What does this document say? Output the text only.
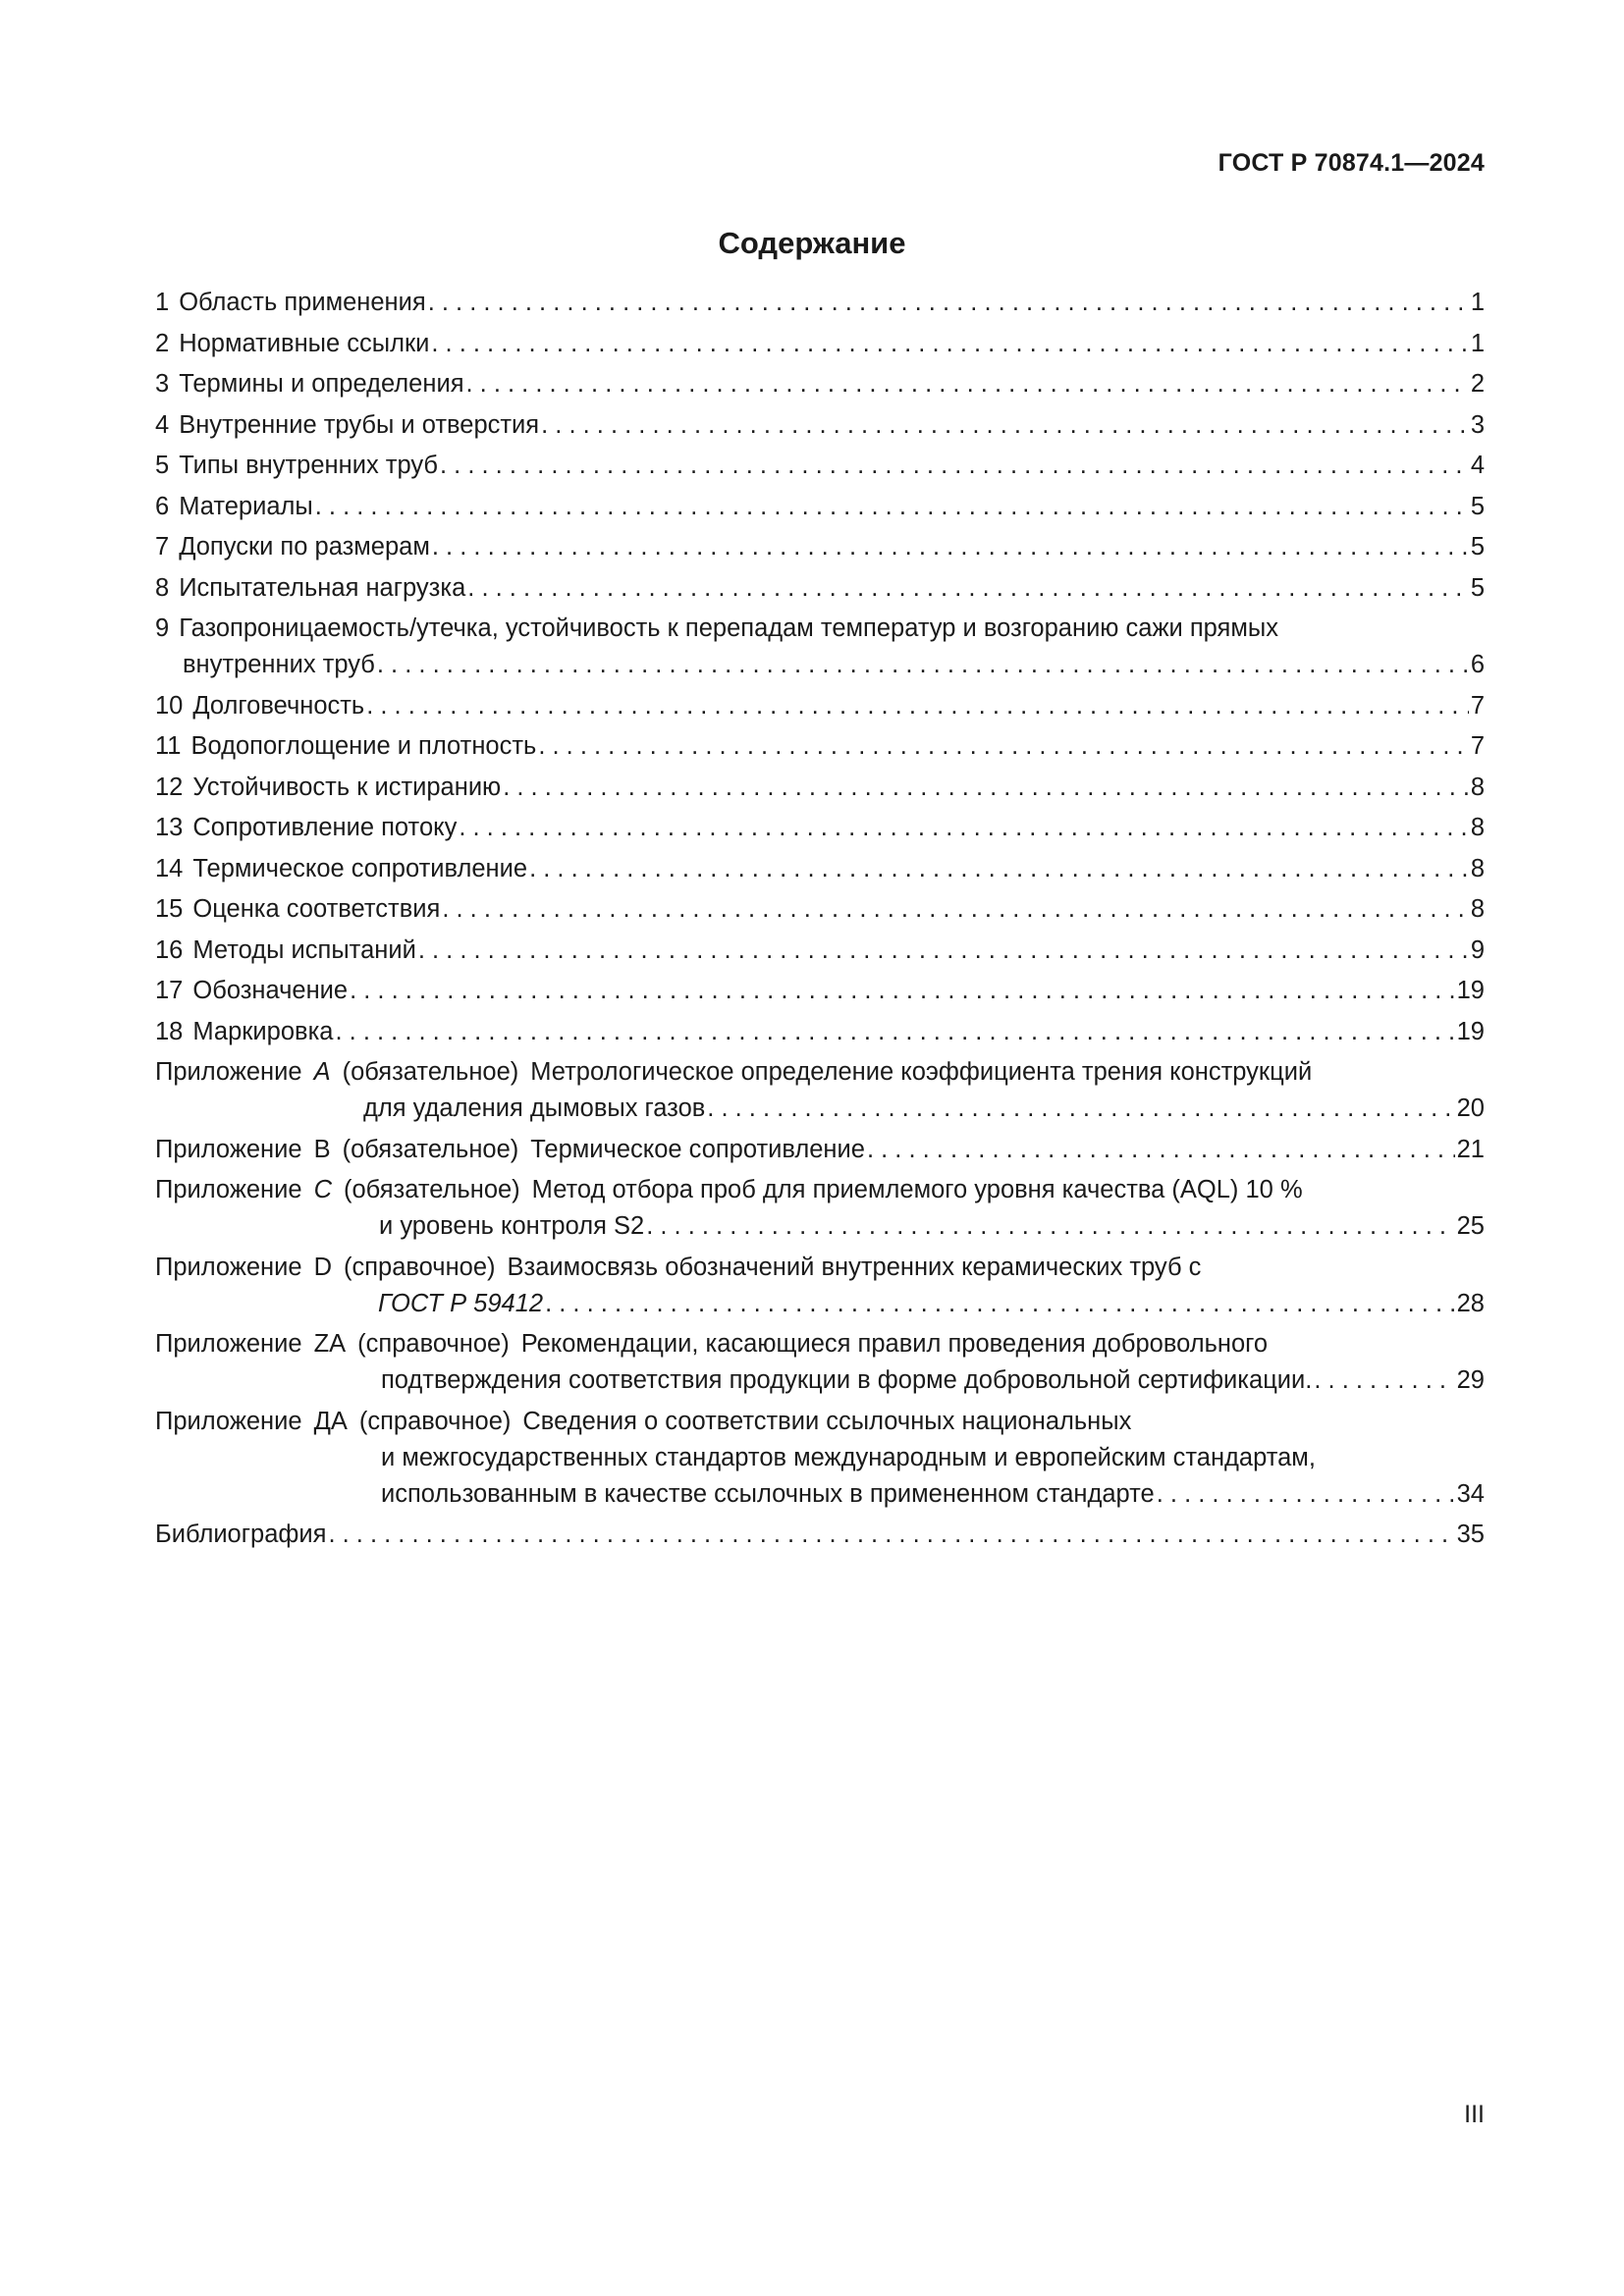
ГОСТ Р 70874.1—2024
Содержание
1 Область применения . . .	1
2 Нормативные ссылки . . .	1
3 Термины и определения . . .	2
4 Внутренние трубы и отверстия . . .	3
5 Типы внутренних труб . . .	4
6 Материалы . . .	5
7 Допуски по размерам . . .	5
8 Испытательная нагрузка . . .	5
9 Газопроницаемость/утечка, устойчивость к перепадам температур и возгоранию сажи прямых
внутренних труб . . .	6
10 Долговечность . . .	7
11 Водопоглощение и плотность . . .	7
12 Устойчивость к истиранию . . .	8
13 Сопротивление потоку . . .	8
14 Термическое сопротивление . . .	8
15 Оценка соответствия . . .	8
16 Методы испытаний . . .	9
17 Обозначение . . .	19
18 Маркировка . . .	19
Приложение А (обязательное) Метрологическое определение коэффициента трения конструкций
для удаления дымовых газов . . .	20
Приложение В (обязательное) Термическое сопротивление . . .	21
Приложение С (обязательное) Метод отбора проб для приемлемого уровня качества (AQL) 10 %
и уровень контроля S2 . . .	25
Приложение D (справочное) Взаимосвязь обозначений внутренних керамических труб с
ГОСТ Р 59412 . . .	28
Приложение ZA (справочное) Рекомендации, касающиеся правил проведения добровольного
подтверждения соответствия продукции в форме добровольной сертификации. . . .	29
Приложение ДА (справочное) Сведения о соответствии ссылочных национальных
и межгосударственных стандартов международным и европейским стандартам,
использованным в качестве ссылочных в примененном стандарте . . .	34
Библиография . . .	35
III
